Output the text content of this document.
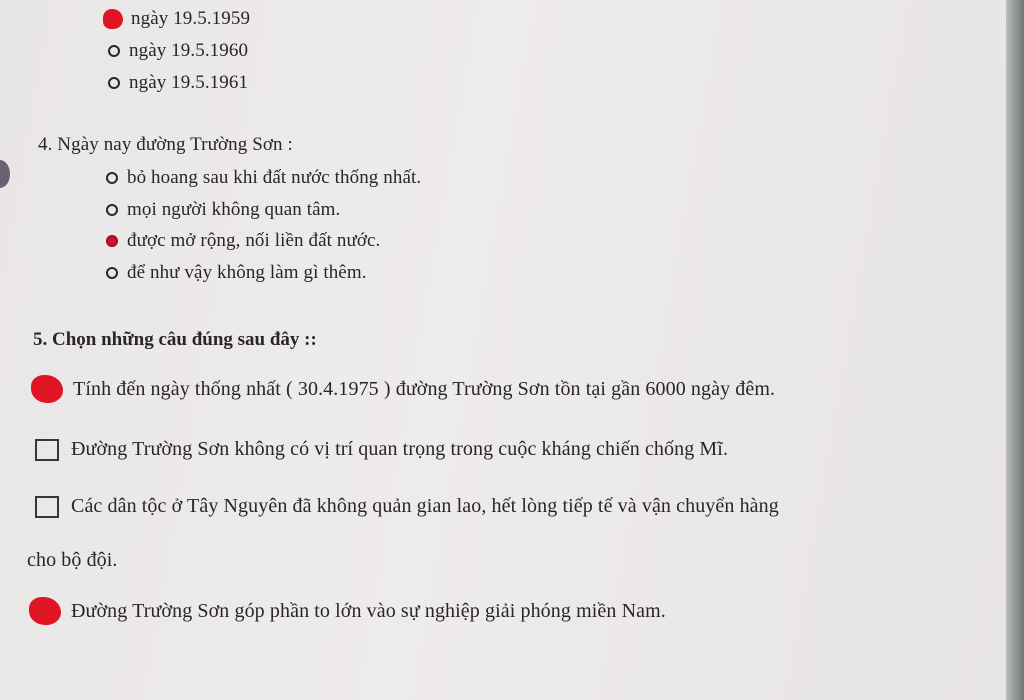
ngày 19.5.1959
ngày 19.5.1960
ngày 19.5.1961
4. Ngày nay đường Trường Sơn :
bỏ hoang sau khi đất nước thống nhất.
mọi người không quan tâm.
được mở rộng, nối liền đất nước.
để như vậy không làm gì thêm.
5. Chọn những câu đúng sau đây ::
Tính đến ngày thống nhất ( 30.4.1975 ) đường Trường Sơn tồn tại gần 6000 ngày đêm.
Đường Trường Sơn không có vị trí quan trọng trong cuộc kháng chiến chống Mĩ.
Các dân tộc ở Tây Nguyên đã không quản gian lao, hết lòng tiếp tế và vận chuyển hàng
cho bộ đội.
Đường Trường Sơn góp phần to lớn vào sự nghiệp giải phóng miền Nam.
